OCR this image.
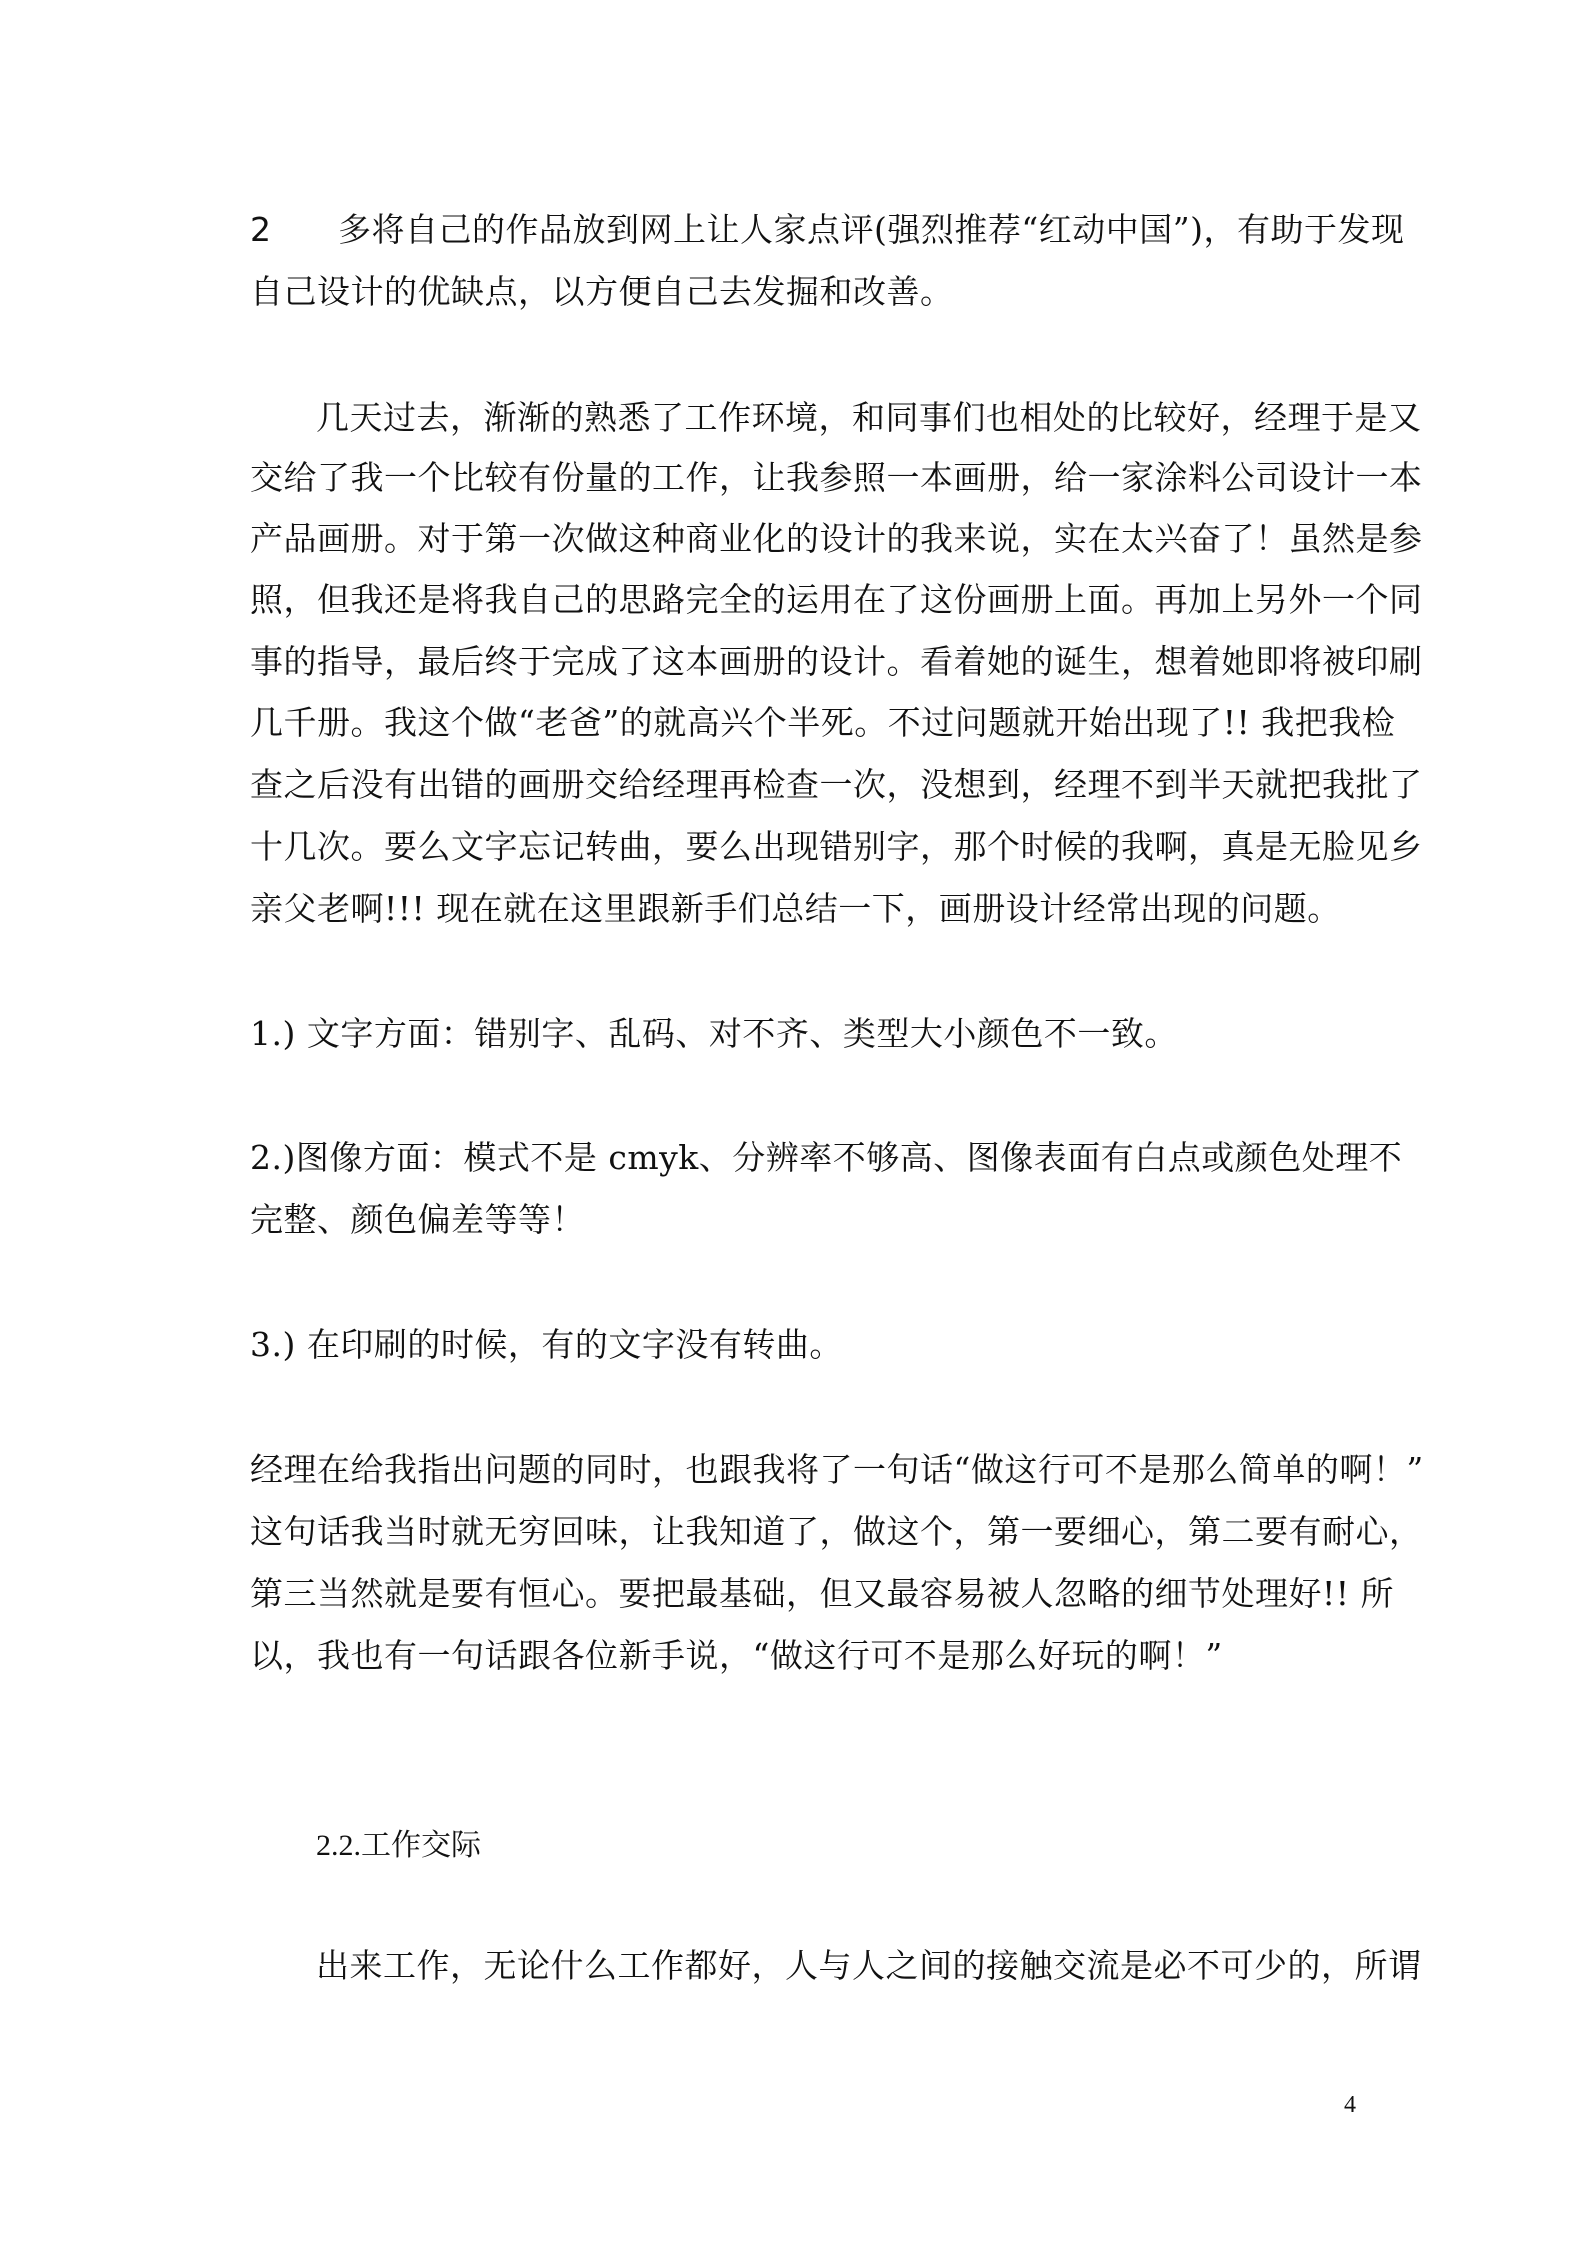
2 多将自己的作品放到网上让人家点评(强烈推荐“红动中国”)，有助于发现
自己设计的优缺点，以方便自己去发掘和改善。
几天过去，渐渐的熟悉了工作环境，和同事们也相处的比较好，经理于是又
交给了我一个比较有份量的工作，让我参照一本画册，给一家涂料公司设计一本
产品画册。对于第一次做这种商业化的设计的我来说，实在太兴奋了！虽然是参
照，但我还是将我自己的思路完全的运用在了这份画册上面。再加上另外一个同
事的指导，最后终于完成了这本画册的设计。看着她的诞生，想着她即将被印刷
几千册。我这个做“老爸”的就高兴个半死。不过问题就开始出现了!! 我把我检
查之后没有出错的画册交给经理再检查一次，没想到，经理不到半天就把我批了
十几次。要么文字忘记转曲，要么出现错别字，那个时候的我啊，真是无脸见乡
亲父老啊!!! 现在就在这里跟新手们总结一下，画册设计经常出现的问题。
1.) 文字方面：错别字、乱码、对不齐、类型大小颜色不一致。
2.)图像方面：模式不是 cmyk、分辨率不够高、图像表面有白点或颜色处理不
完整、颜色偏差等等！
3.) 在印刷的时候，有的文字没有转曲。
经理在给我指出问题的同时，也跟我将了一句话“做这行可不是那么简单的啊！”
这句话我当时就无穷回味，让我知道了，做这个，第一要细心，第二要有耐心，
第三当然就是要有恒心。要把最基础，但又最容易被人忽略的细节处理好!! 所
以，我也有一句话跟各位新手说，“做这行可不是那么好玩的啊！”
2.2.工作交际
出来工作，无论什么工作都好，人与人之间的接触交流是必不可少的，所谓
4
